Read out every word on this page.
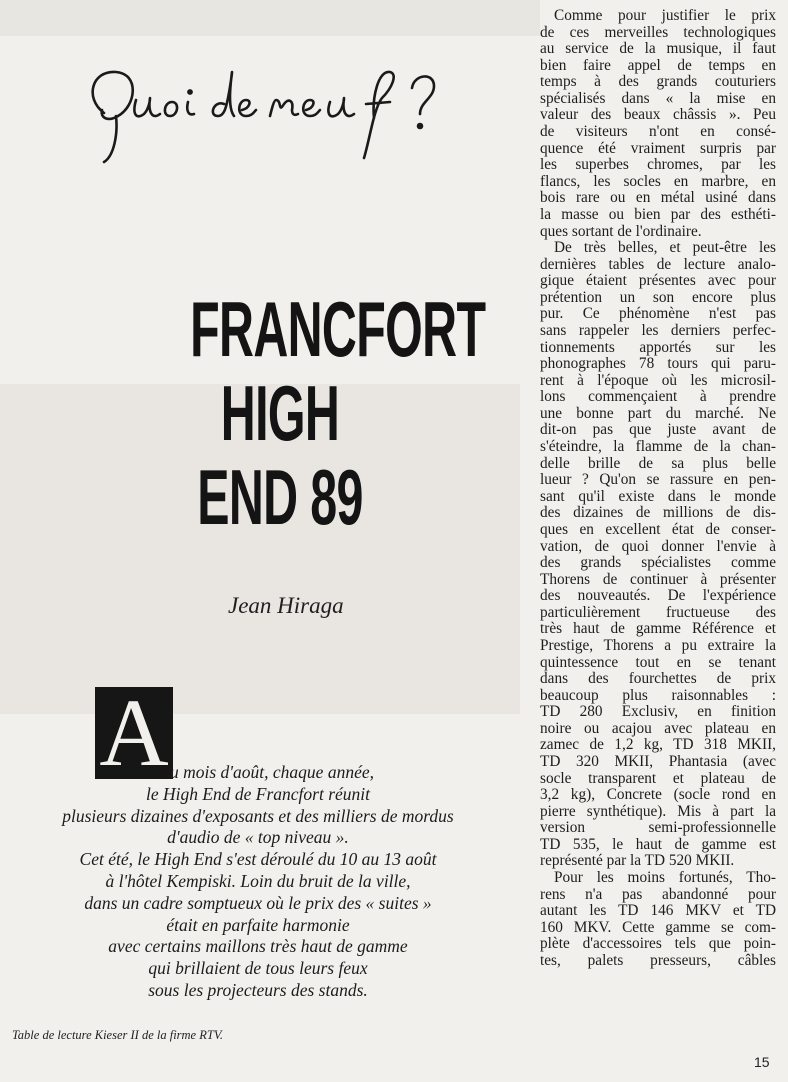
FRANCFORT
HIGH
END 89
Jean Hiraga
A u mois d'août, chaque année,
le High End de Francfort réunit
plusieurs dizaines d'exposants et des milliers de mordus
d'audio de « top niveau ».
Cet été, le High End s'est déroulé du 10 au 13 août
à l'hôtel Kempiski. Loin du bruit de la ville,
dans un cadre somptueux où le prix des « suites »
était en parfaite harmonie
avec certains maillons très haut de gamme
qui brillaient de tous leurs feux
sous les projecteurs des stands.
Table de lecture Kieser II de la firme RTV.
Comme pour justifier le prix
de ces merveilles technologiques
au service de la musique, il faut
bien faire appel de temps en
temps à des grands couturiers
spécialisés dans « la mise en
valeur des beaux châssis ». Peu
de visiteurs n'ont en consé-
quence été vraiment surpris par
les superbes chromes, par les
flancs, les socles en marbre, en
bois rare ou en métal usiné dans
la masse ou bien par des esthéti-
ques sortant de l'ordinaire.
De très belles, et peut-être les
dernières tables de lecture analo-
gique étaient présentes avec pour
prétention un son encore plus
pur. Ce phénomène n'est pas
sans rappeler les derniers perfec-
tionnements apportés sur les
phonographes 78 tours qui paru-
rent à l'époque où les microsil-
lons commençaient à prendre
une bonne part du marché. Ne
dit-on pas que juste avant de
s'éteindre, la flamme de la chan-
delle brille de sa plus belle
lueur ? Qu'on se rassure en pen-
sant qu'il existe dans le monde
des dizaines de millions de dis-
ques en excellent état de conser-
vation, de quoi donner l'envie à
des grands spécialistes comme
Thorens de continuer à présenter
des nouveautés. De l'expérience
particulièrement fructueuse des
très haut de gamme Référence et
Prestige, Thorens a pu extraire la
quintessence tout en se tenant
dans des fourchettes de prix
beaucoup plus raisonnables :
TD 280 Exclusiv, en finition
noire ou acajou avec plateau en
zamec de 1,2 kg, TD 318 MKII,
TD 320 MKII, Phantasia (avec
socle transparent et plateau de
3,2 kg), Concrete (socle rond en
pierre synthétique). Mis à part la
version semi-professionnelle
TD 535, le haut de gamme est
représenté par la TD 520 MKII.
Pour les moins fortunés, Tho-
rens n'a pas abandonné pour
autant les TD 146 MKV et TD
160 MKV. Cette gamme se com-
plète d'accessoires tels que poin-
tes, palets presseurs, câbles
15
